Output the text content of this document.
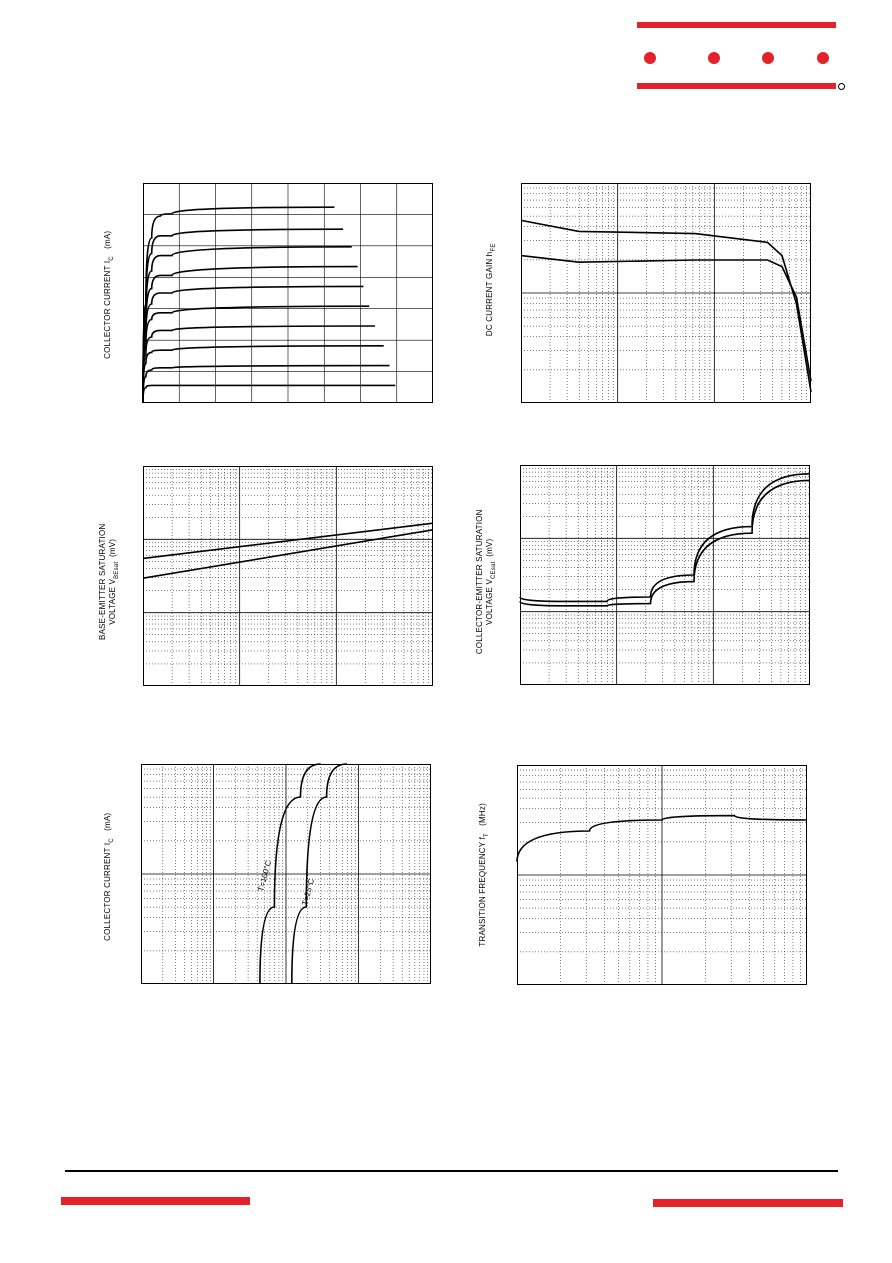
COLLECTOR CURRENT $I_C$   (mA)
DC CURRENT GAIN $h_{FE}$
BASE-EMITTER SATURATION VOLTAGE $V_{BEsat}$  (mV)	COLLECTOR-EMITTER SATURATION VOLTAGE $V_{CEsat}$  (mV)
COLLECTOR CURRENT $I_C$   (mA)
T=100°C	T=25°C	TRANSITION FREQUENCY $f_T$   (MHz)
